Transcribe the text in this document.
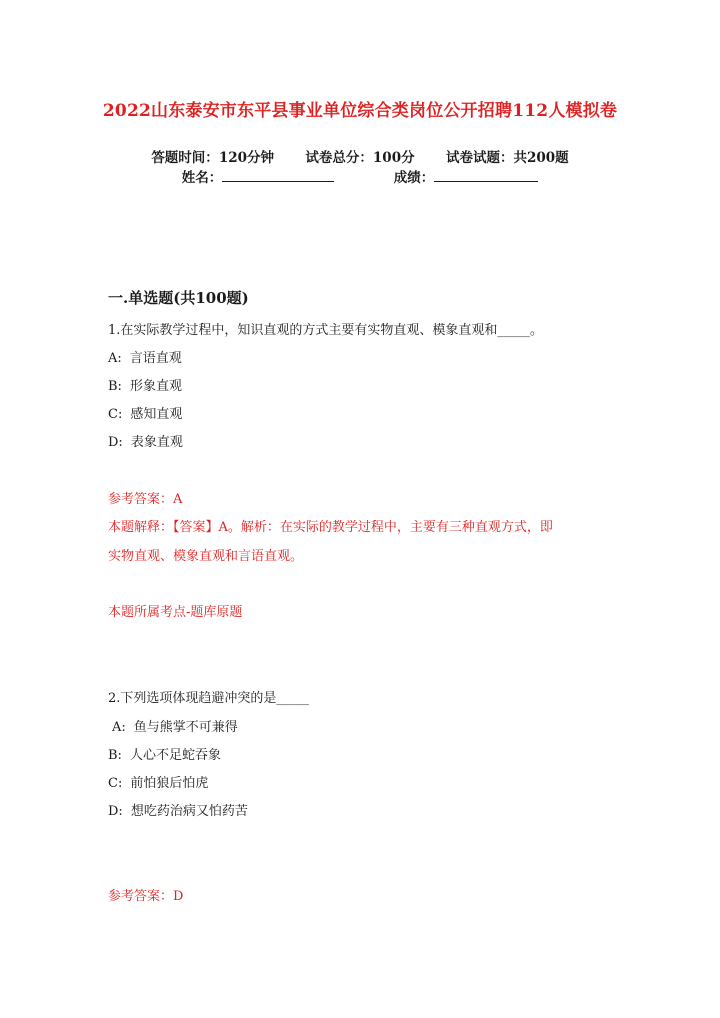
2022山东泰安市东平县事业单位综合类岗位公开招聘112人模拟卷
答题时间：120分钟 试卷总分：100分 试卷试题：共200题
姓名：	成绩：
一.单选题(共100题)
1.在实际教学过程中，知识直观的方式主要有实物直观、模象直观和_____。
A: 言语直观
B: 形象直观
C: 感知直观
D: 表象直观
参考答案：A
本题解释：【答案】A。解析：在实际的教学过程中，主要有三种直观方式，即
实物直观、模象直观和言语直观。
本题所属考点-题库原题
2.下列选项体现趋避冲突的是_____
A: 鱼与熊掌不可兼得
B: 人心不足蛇吞象
C: 前怕狼后怕虎
D: 想吃药治病又怕药苦
参考答案：D
